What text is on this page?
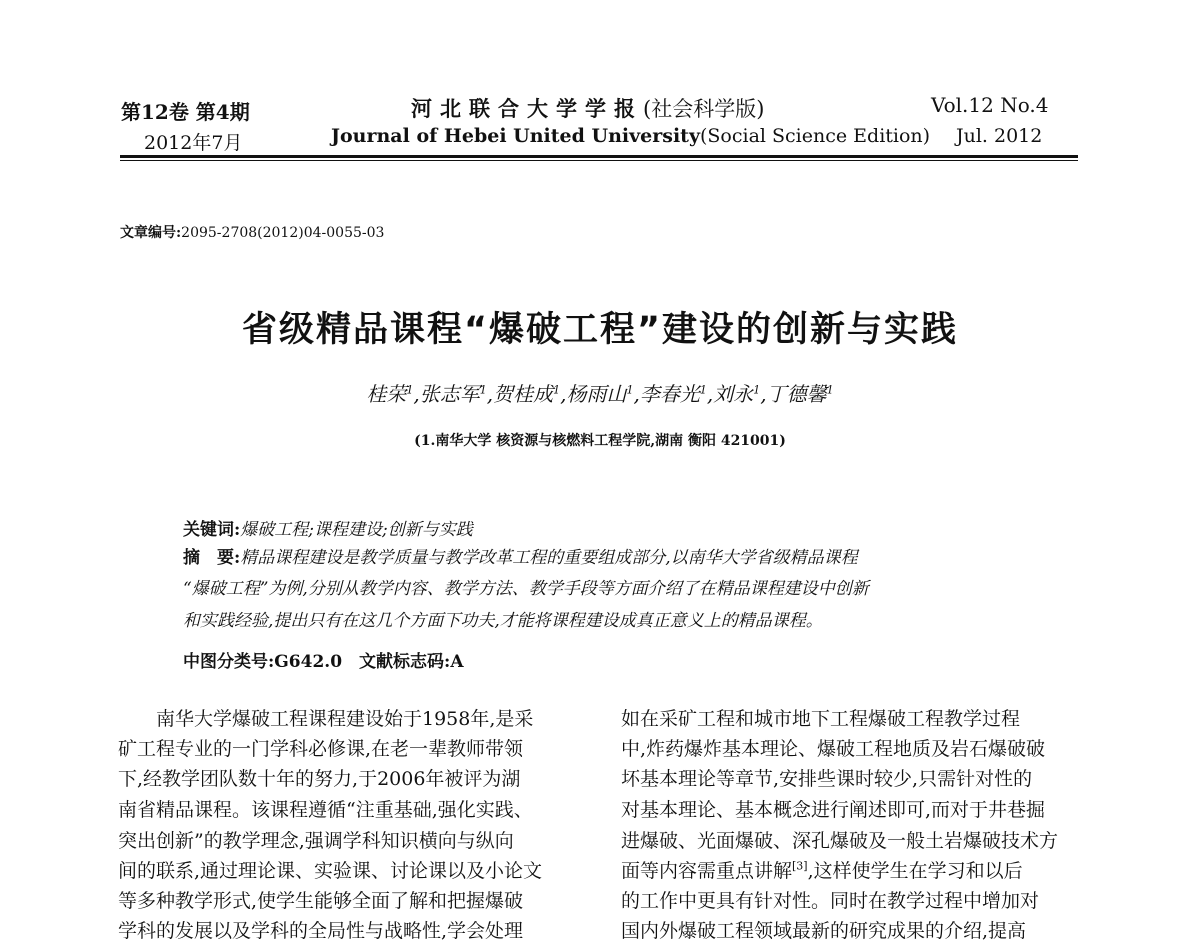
第12卷 第4期
2012年7月
河北联合大学学报(社会科学版)
Journal of Hebei United University(Social Science Edition)
Vol.12 No.4
Jul. 2012
文章编号:2095-2708(2012)04-0055-03
省级精品课程“爆破工程”建设的创新与实践
桂荣$^1$,张志军$^1$,贺桂成$^1$,杨雨山$^1$,李春光$^1$,刘永$^1$,丁德馨$^1$
(1.南华大学 核资源与核燃料工程学院,湖南 衡阳 421001)
关键词:爆破工程;课程建设;创新与实践
摘　要:精品课程建设是教学质量与教学改革工程的重要组成部分,以南华大学省级精品课程
“爆破工程”为例,分别从教学内容、教学方法、教学手段等方面介绍了在精品课程建设中创新
和实践经验,提出只有在这几个方面下功夫,才能将课程建设成真正意义上的精品课程。
中图分类号:G642.0　 文献标志码:A
　　南华大学爆破工程课程建设始于1958年,是采
矿工程专业的一门学科必修课,在老一辈教师带领
下,经教学团队数十年的努力,于2006年被评为湖
南省精品课程。该课程遵循“注重基础,强化实践、
突出创新”的教学理念,强调学科知识横向与纵向
间的联系,通过理论课、实验课、讨论课以及小论文
等多种教学形式,使学生能够全面了解和把握爆破
学科的发展以及学科的全局性与战略性,学会处理
如在采矿工程和城市地下工程爆破工程教学过程
中,炸药爆炸基本理论、爆破工程地质及岩石爆破破
坏基本理论等章节,安排些课时较少,只需针对性的
对基本理论、基本概念进行阐述即可,而对于井巷掘
进爆破、光面爆破、深孔爆破及一般土岩爆破技术方
面等内容需重点讲解[3],这样使学生在学习和以后
的工作中更具有针对性。同时在教学过程中增加对
国内外爆破工程领域最新的研究成果的介绍,提高
